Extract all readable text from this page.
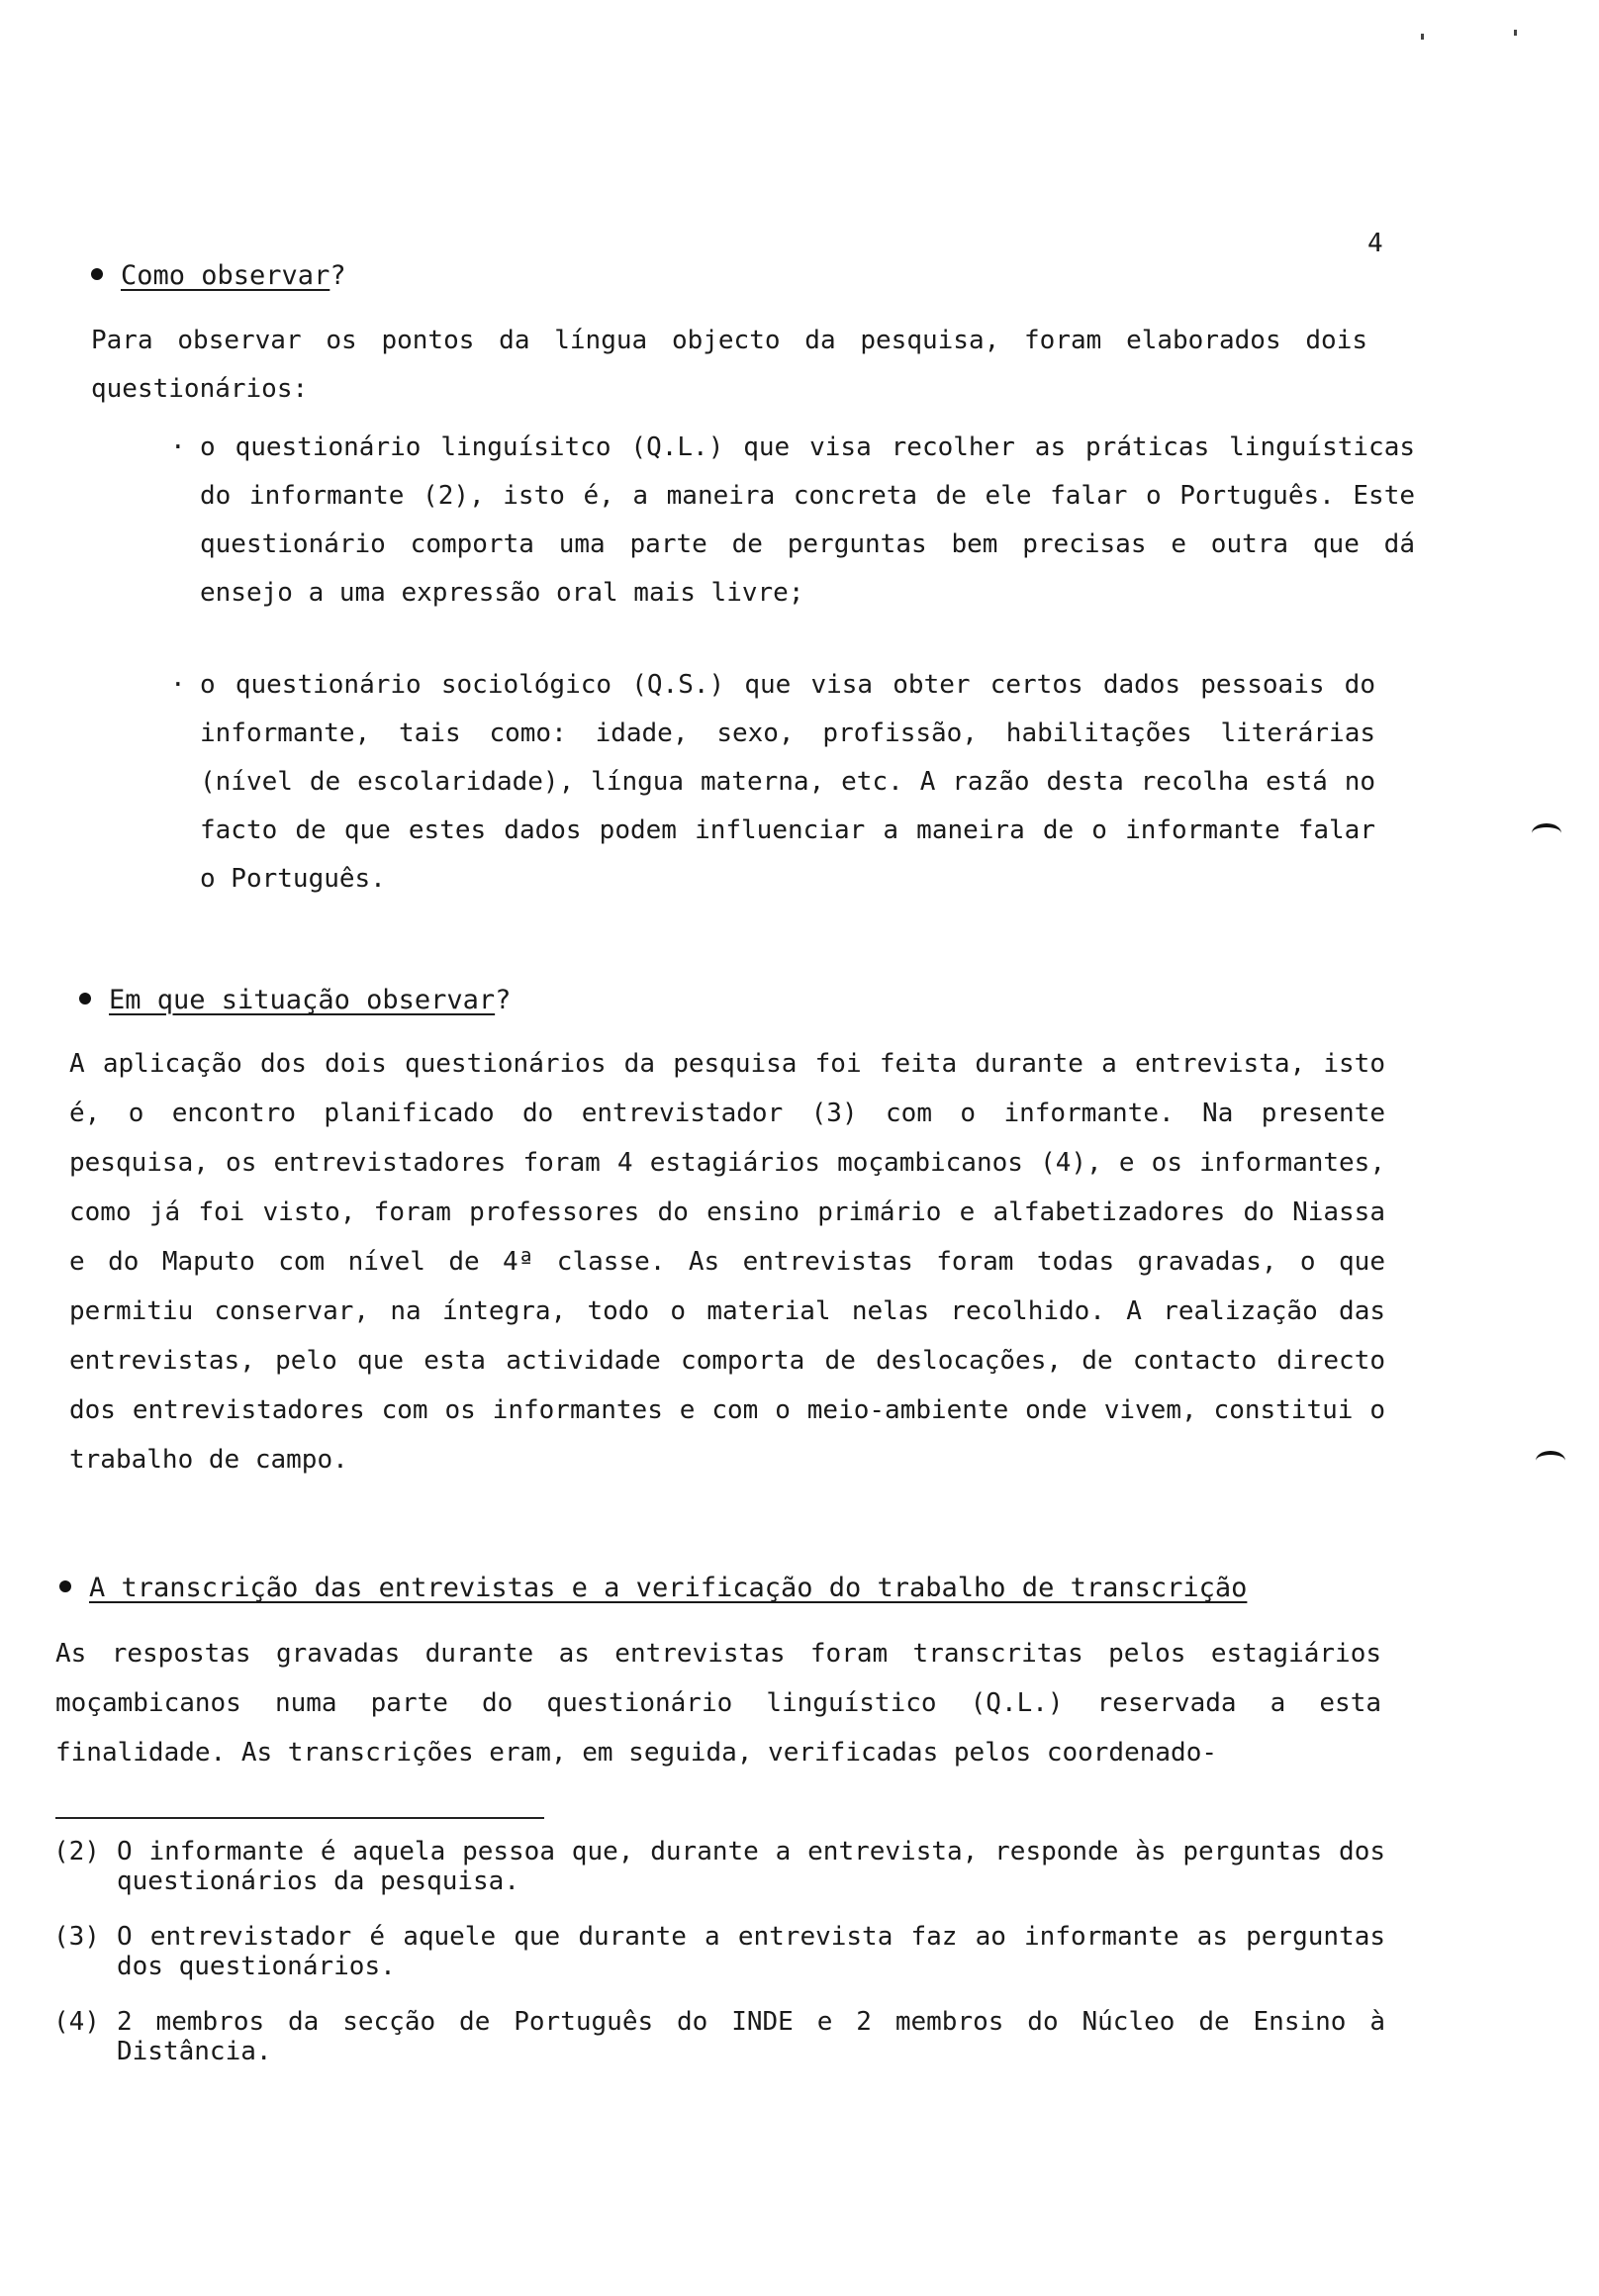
4
Como observar?
Para observar os pontos da língua objecto da pesquisa, foram elaborados dois questionários:
· o questionário linguísitco (Q.L.) que visa recolher as práticas linguísticas do informante (2), isto é, a maneira concreta de ele falar o Português. Este questionário comporta uma parte de perguntas bem precisas e outra que dá ensejo a uma expressão oral mais livre;
· o questionário sociológico (Q.S.) que visa obter certos dados pessoais do informante, tais como: idade, sexo, profissão, habilitações literárias (nível de escolaridade), língua materna, etc. A razão desta recolha está no facto de que estes dados podem influenciar a maneira de o informante falar o Português.
Em que situação observar?
A aplicação dos dois questionários da pesquisa foi feita durante a entrevista, isto é, o encontro planificado do entrevistador (3) com o informante. Na presente pesquisa, os entrevistadores foram 4 estagiários moçambicanos (4), e os informantes, como já foi visto, foram professores do ensino primário e alfabetizadores do Niassa e do Maputo com nível de 4ª classe. As entrevistas foram todas gravadas, o que permitiu conservar, na íntegra, todo o material nelas recolhido. A realização das entrevistas, pelo que esta actividade comporta de deslocações, de contacto directo dos entrevistadores com os informantes e com o meio-ambiente onde vivem, constitui o trabalho de campo.
A transcrição das entrevistas e a verificação do trabalho de transcrição
As respostas gravadas durante as entrevistas foram transcritas pelos estagiários moçambicanos numa parte do questionário linguístico (Q.L.) reservada a esta finalidade. As transcrições eram, em seguida, verificadas pelos coordenado-
(2) O informante é aquela pessoa que, durante a entrevista, responde às perguntas dos questionários da pesquisa.
(3) O entrevistador é aquele que durante a entrevista faz ao informante as perguntas dos questionários.
(4) 2 membros da secção de Português do INDE e 2 membros do Núcleo de Ensino à Distância.
